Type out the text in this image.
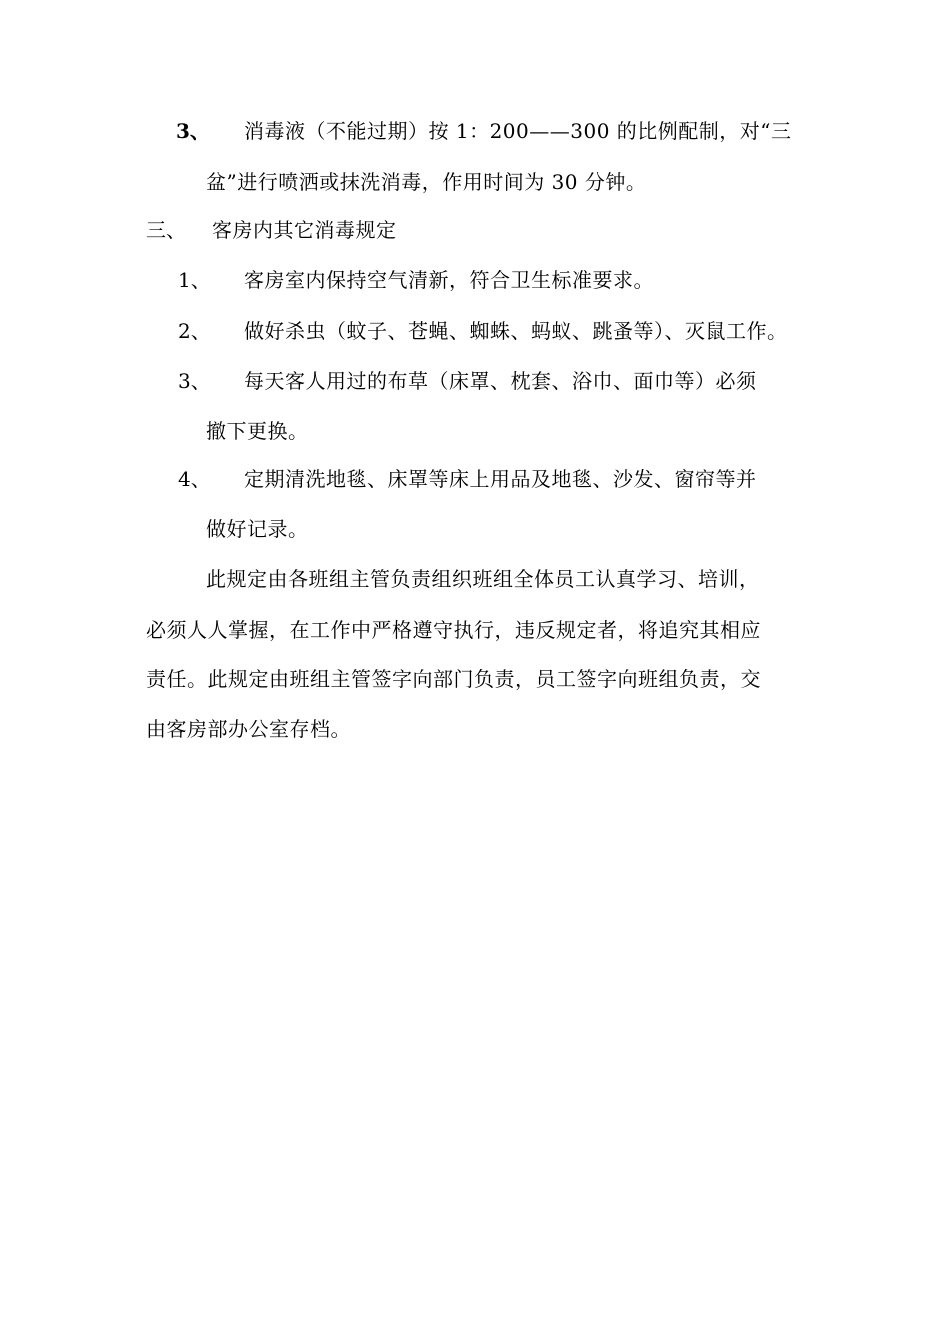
3、 消毒液（不能过期）按 1：200——300 的比例配制，对“三
盆”进行喷洒或抹洗消毒，作用时间为 30 分钟。
三、 客房内其它消毒规定
1、 客房室内保持空气清新，符合卫生标准要求。
2、 做好杀虫（蚊子、苍蝇、蜘蛛、蚂蚁、跳蚤等）、灭鼠工作。
3、 每天客人用过的布草（床罩、枕套、浴巾、面巾等）必须
撤下更换。
4、 定期清洗地毯、床罩等床上用品及地毯、沙发、窗帘等并
做好记录。
此规定由各班组主管负责组织班组全体员工认真学习、培训，
必须人人掌握，在工作中严格遵守执行，违反规定者，将追究其相应
责任。此规定由班组主管签字向部门负责，员工签字向班组负责，交
由客房部办公室存档。
